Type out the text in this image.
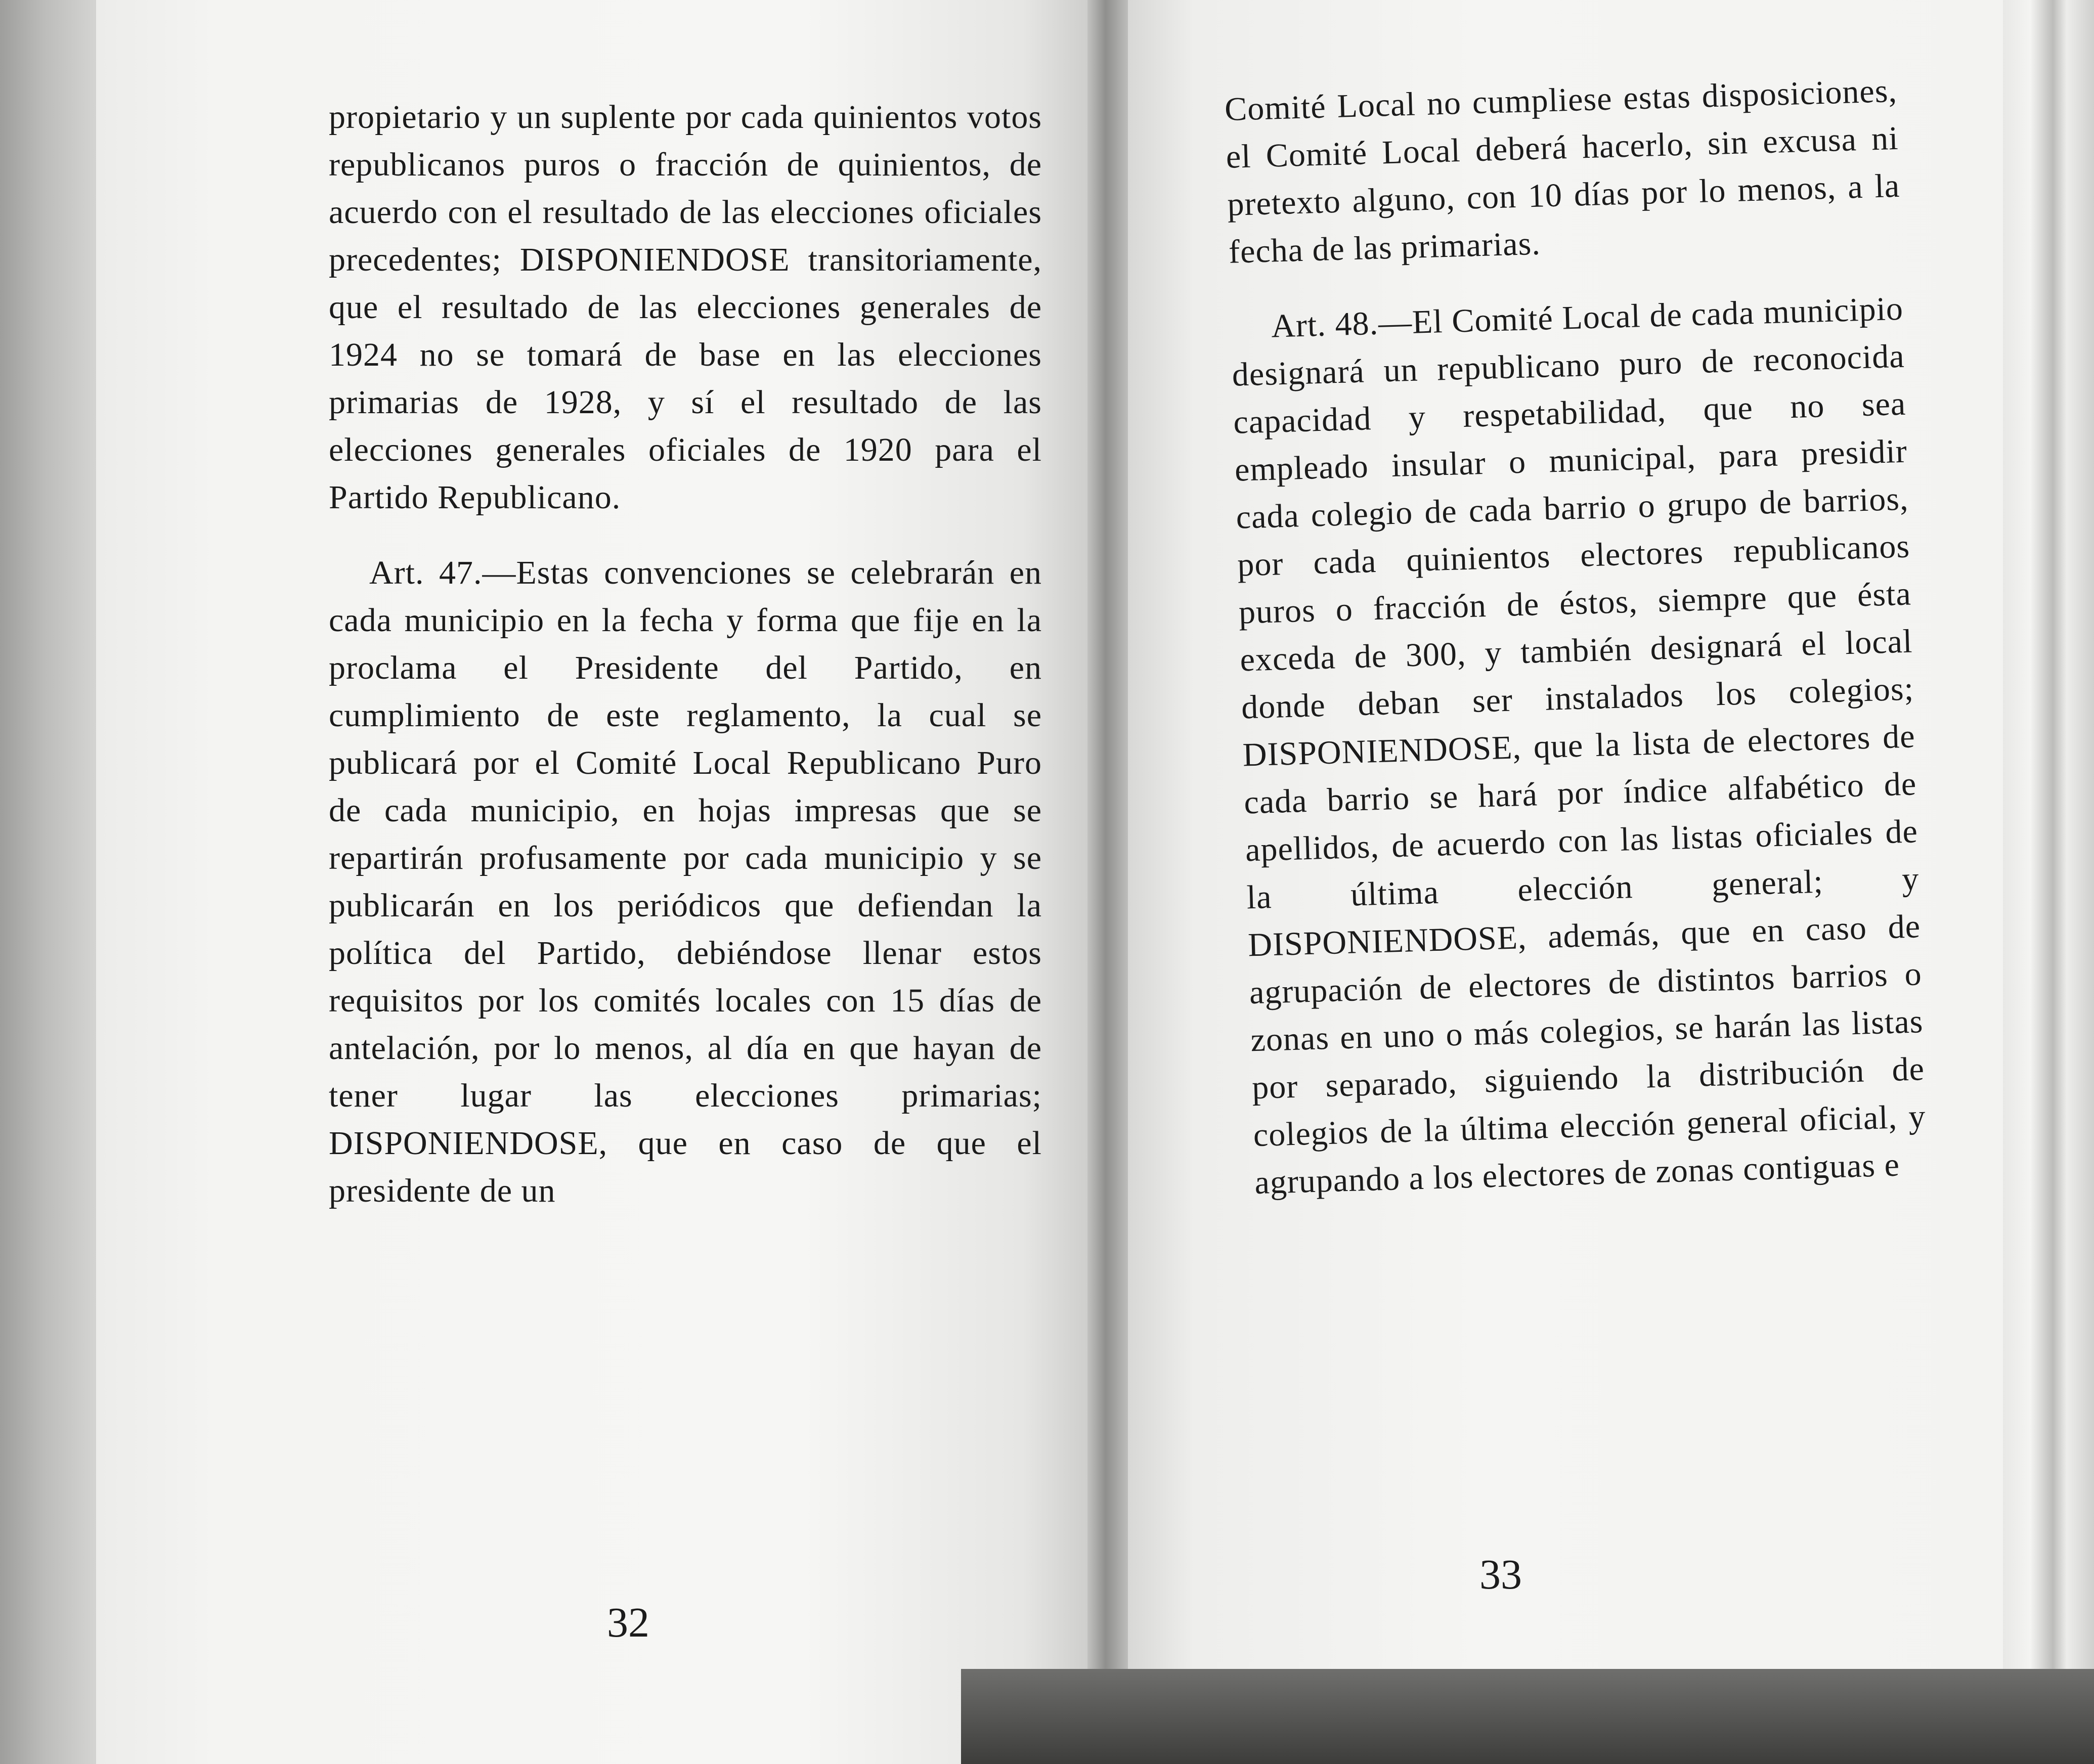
propietario y un suplente por cada quinientos votos republicanos puros o fracción de quinientos, de acuerdo con el resultado de las elecciones oficiales precedentes; DISPONIENDOSE transitoriamente, que el resultado de las elecciones generales de 1924 no se tomará de base en las elecciones primarias de 1928, y sí el resultado de las elecciones generales oficiales de 1920 para el Partido Republicano.

Art. 47.—Estas convenciones se celebrarán en cada municipio en la fecha y forma que fije en la proclama el Presidente del Partido, en cumplimiento de este reglamento, la cual se publicará por el Comité Local Republicano Puro de cada municipio, en hojas impresas que se repartirán profusamente por cada municipio y se publicarán en los periódicos que defiendan la política del Partido, debiéndose llenar estos requisitos por los comités locales con 15 días de antelación, por lo menos, al día en que hayan de tener lugar las elecciones primarias; DISPONIENDOSE, que en caso de que el presidente de un

32

Comité Local no cumpliese estas disposiciones, el Comité Local deberá hacerlo, sin excusa ni pretexto alguno, con 10 días por lo menos, a la fecha de las primarias.

Art. 48.—El Comité Local de cada municipio designará un republicano puro de reconocida capacidad y respetabilidad, que no sea empleado insular o municipal, para presidir cada colegio de cada barrio o grupo de barrios, por cada quinientos electores republicanos puros o fracción de éstos, siempre que ésta exceda de 300, y también designará el local donde deban ser instalados los colegios; DISPONIENDOSE, que la lista de electores de cada barrio se hará por índice alfabético de apellidos, de acuerdo con las listas oficiales de la última elección general; y DISPONIENDOSE, además, que en caso de agrupación de electores de distintos barrios o zonas en uno o más colegios, se harán las listas por separado, siguiendo la distribución de colegios de la última elección general oficial, y agrupando a los electores de zonas contiguas e

33
